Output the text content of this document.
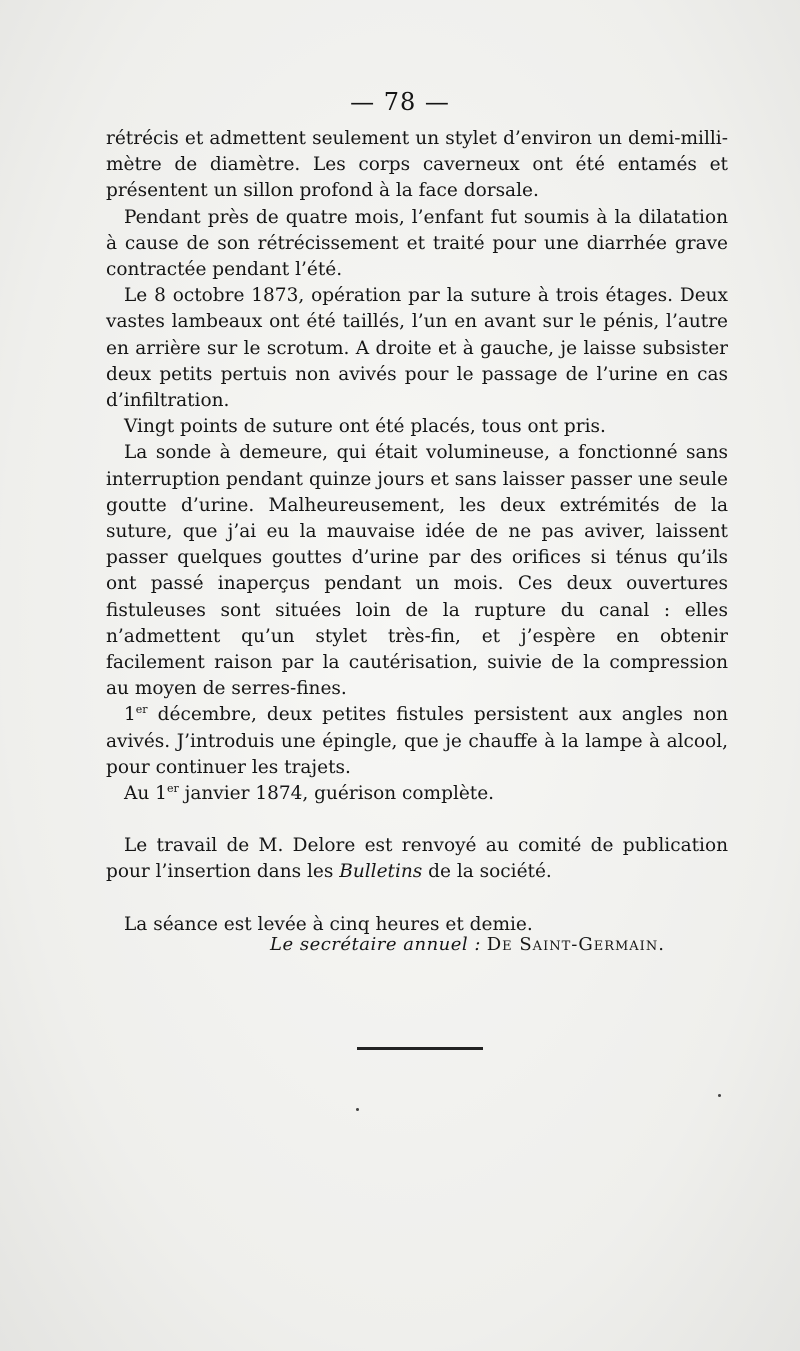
— 78 —

rétrécis et admettent seulement un stylet d’environ un demi-millimètre de diamètre. Les corps caverneux ont été entamés et présentent un sillon profond à la face dorsale.

Pendant près de quatre mois, l’enfant fut soumis à la dilatation à cause de son rétrécissement et traité pour une diarrhée grave contractée pendant l’été.

Le 8 octobre 1873, opération par la suture à trois étages. Deux vastes lambeaux ont été taillés, l’un en avant sur le pénis, l’autre en arrière sur le scrotum. A droite et à gauche, je laisse subsister deux petits pertuis non avivés pour le passage de l’urine en cas d’infiltration.

Vingt points de suture ont été placés, tous ont pris.

La sonde à demeure, qui était volumineuse, a fonctionné sans interruption pendant quinze jours et sans laisser passer une seule goutte d’urine. Malheureusement, les deux extrémités de la suture, que j’ai eu la mauvaise idée de ne pas aviver, laissent passer quelques gouttes d’urine par des orifices si ténus qu’ils ont passé inaperçus pendant un mois. Ces deux ouvertures fistuleuses sont situées loin de la rupture du canal : elles n’admettent qu’un stylet très-fin, et j’espère en obtenir facilement raison par la cautérisation, suivie de la compression au moyen de serres-fines.

1er décembre, deux petites fistules persistent aux angles non avivés. J’introduis une épingle, que je chauffe à la lampe à alcool, pour continuer les trajets.

Au 1er janvier 1874, guérison complète.

Le travail de M. Delore est renvoyé au comité de publication pour l’insertion dans les Bulletins de la société.

La séance est levée à cinq heures et demie.

Le secrétaire annuel : De Saint-Germain.
